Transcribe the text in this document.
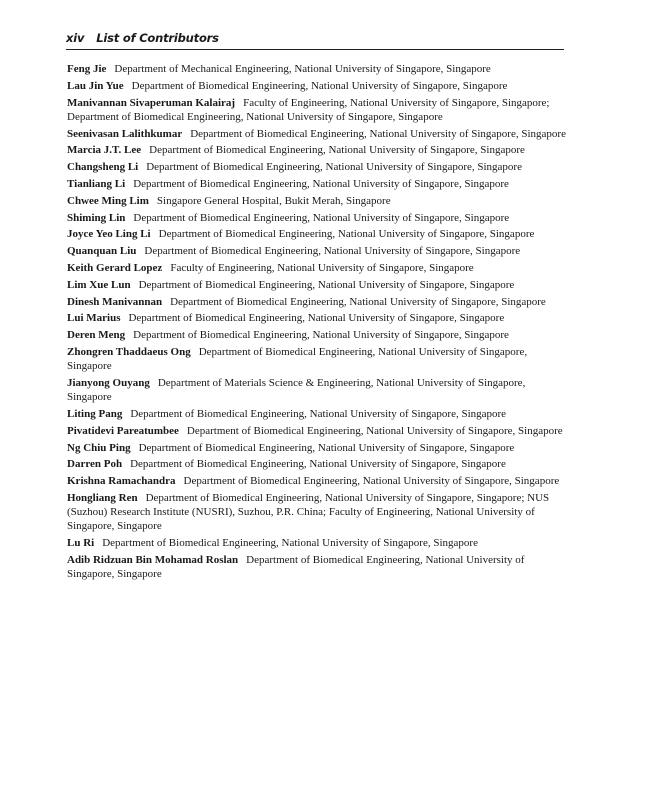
xiv List of Contributors

Feng Jie Department of Mechanical Engineering, National University of Singapore, Singapore

Lau Jin Yue Department of Biomedical Engineering, National University of Singapore, Singapore

Manivannan Sivaperuman Kalairaj Faculty of Engineering, National University of Singapore, Singapore; Department of Biomedical Engineering, National University of Singapore, Singapore

Seenivasan Lalithkumar Department of Biomedical Engineering, National University of Singapore, Singapore

Marcia J.T. Lee Department of Biomedical Engineering, National University of Singapore, Singapore

Changsheng Li Department of Biomedical Engineering, National University of Singapore, Singapore

Tianliang Li Department of Biomedical Engineering, National University of Singapore, Singapore

Chwee Ming Lim Singapore General Hospital, Bukit Merah, Singapore

Shiming Lin Department of Biomedical Engineering, National University of Singapore, Singapore

Joyce Yeo Ling Li Department of Biomedical Engineering, National University of Singapore, Singapore

Quanquan Liu Department of Biomedical Engineering, National University of Singapore, Singapore

Keith Gerard Lopez Faculty of Engineering, National University of Singapore, Singapore

Lim Xue Lun Department of Biomedical Engineering, National University of Singapore, Singapore

Dinesh Manivannan Department of Biomedical Engineering, National University of Singapore, Singapore

Lui Marius Department of Biomedical Engineering, National University of Singapore, Singapore

Deren Meng Department of Biomedical Engineering, National University of Singapore, Singapore

Zhongren Thaddaeus Ong Department of Biomedical Engineering, National University of Singapore, Singapore

Jianyong Ouyang Department of Materials Science & Engineering, National University of Singapore, Singapore

Liting Pang Department of Biomedical Engineering, National University of Singapore, Singapore

Pivatidevi Pareatumbee Department of Biomedical Engineering, National University of Singapore, Singapore

Ng Chiu Ping Department of Biomedical Engineering, National University of Singapore, Singapore

Darren Poh Department of Biomedical Engineering, National University of Singapore, Singapore

Krishna Ramachandra Department of Biomedical Engineering, National University of Singapore, Singapore

Hongliang Ren Department of Biomedical Engineering, National University of Singapore, Singapore; NUS (Suzhou) Research Institute (NUSRI), Suzhou, P.R. China; Faculty of Engineering, National University of Singapore, Singapore

Lu Ri Department of Biomedical Engineering, National University of Singapore, Singapore

Adib Ridzuan Bin Mohamad Roslan Department of Biomedical Engineering, National University of Singapore, Singapore
